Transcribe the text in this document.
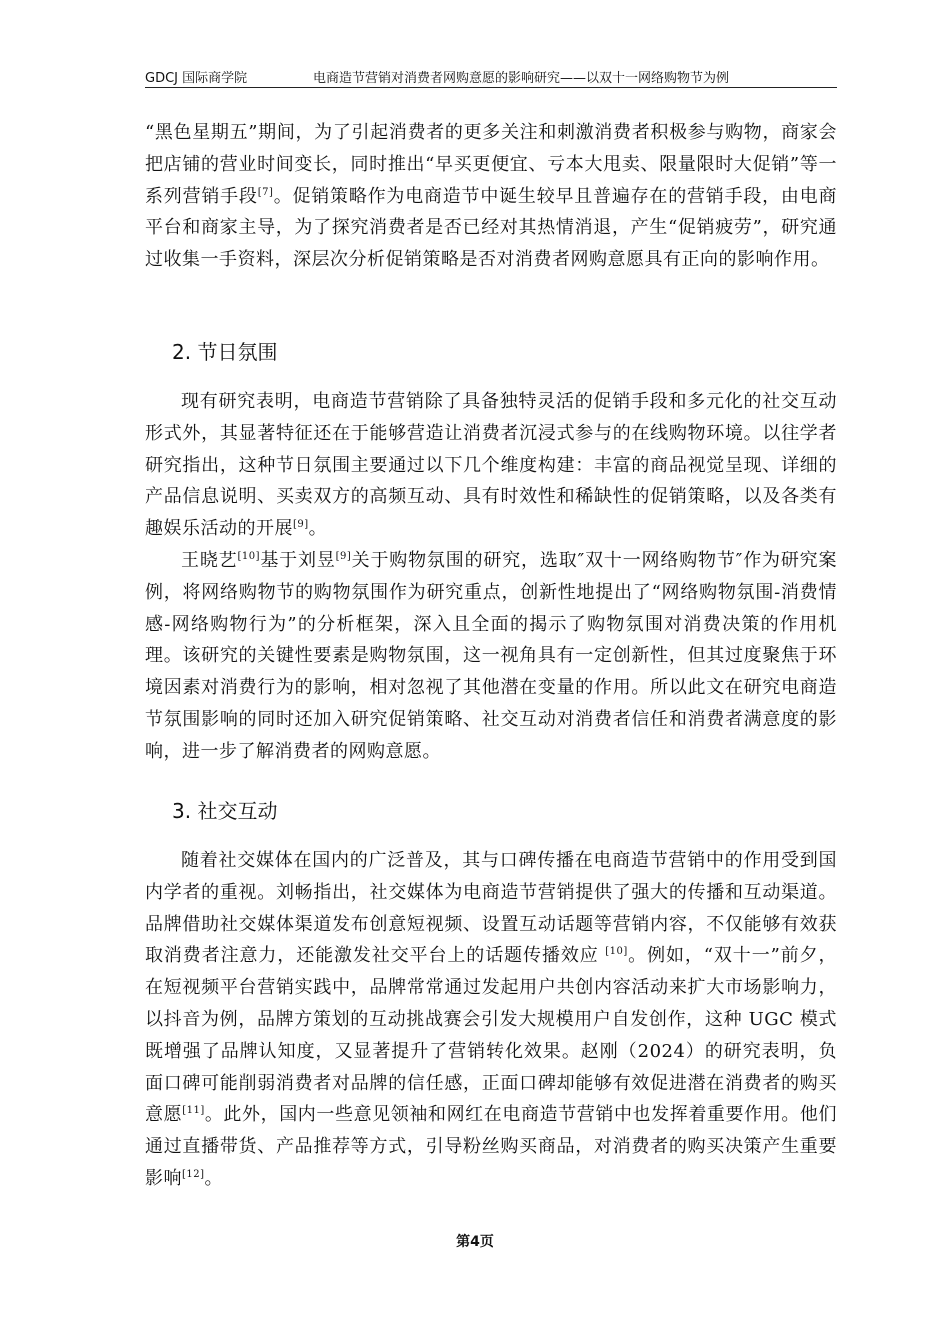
GDCJ 国际商学院	电商造节营销对消费者网购意愿的影响研究——以双十一网络购物节为例

“黑色星期五”期间，为了引起消费者的更多关注和刺激消费者积极参与购物，商家会把店铺的营业时间变长，同时推出“早买更便宜、亏本大甩卖、限量限时大促销”等一系列营销手段[7]。促销策略作为电商造节中诞生较早且普遍存在的营销手段，由电商平台和商家主导，为了探究消费者是否已经对其热情消退，产生“促销疲劳”，研究通过收集一手资料，深层次分析促销策略是否对消费者网购意愿具有正向的影响作用。

2. 节日氛围

现有研究表明，电商造节营销除了具备独特灵活的促销手段和多元化的社交互动形式外，其显著特征还在于能够营造让消费者沉浸式参与的在线购物环境。以往学者研究指出，这种节日氛围主要通过以下几个维度构建：丰富的商品视觉呈现、详细的产品信息说明、买卖双方的高频互动、具有时效性和稀缺性的促销策略，以及各类有趣娱乐活动的开展[9]。

王晓艺[10]基于刘昱[9]关于购物氛围的研究，选取″双十一网络购物节″作为研究案例，将网络购物节的购物氛围作为研究重点，创新性地提出了“网络购物氛围-消费情感-网络购物行为”的分析框架，深入且全面的揭示了购物氛围对消费决策的作用机理。该研究的关键性要素是购物氛围，这一视角具有一定创新性，但其过度聚焦于环境因素对消费行为的影响，相对忽视了其他潜在变量的作用。所以此文在研究电商造节氛围影响的同时还加入研究促销策略、社交互动对消费者信任和消费者满意度的影响，进一步了解消费者的网购意愿。

3. 社交互动

随着社交媒体在国内的广泛普及，其与口碑传播在电商造节营销中的作用受到国内学者的重视。刘畅指出，社交媒体为电商造节营销提供了强大的传播和互动渠道。品牌借助社交媒体渠道发布创意短视频、设置互动话题等营销内容，不仅能够有效获取消费者注意力，还能激发社交平台上的话题传播效应 [10]。例如，“双十一”前夕，在短视频平台营销实践中，品牌常常通过发起用户共创内容活动来扩大市场影响力，以抖音为例，品牌方策划的互动挑战赛会引发大规模用户自发创作，这种 UGC 模式既增强了品牌认知度，又显著提升了营销转化效果。赵刚（2024）的研究表明，负面口碑可能削弱消费者对品牌的信任感，正面口碑却能够有效促进潜在消费者的购买意愿[11]。此外，国内一些意见领袖和网红在电商造节营销中也发挥着重要作用。他们通过直播带货、产品推荐等方式，引导粉丝购买商品，对消费者的购买决策产生重要影响[12]。

第4页
